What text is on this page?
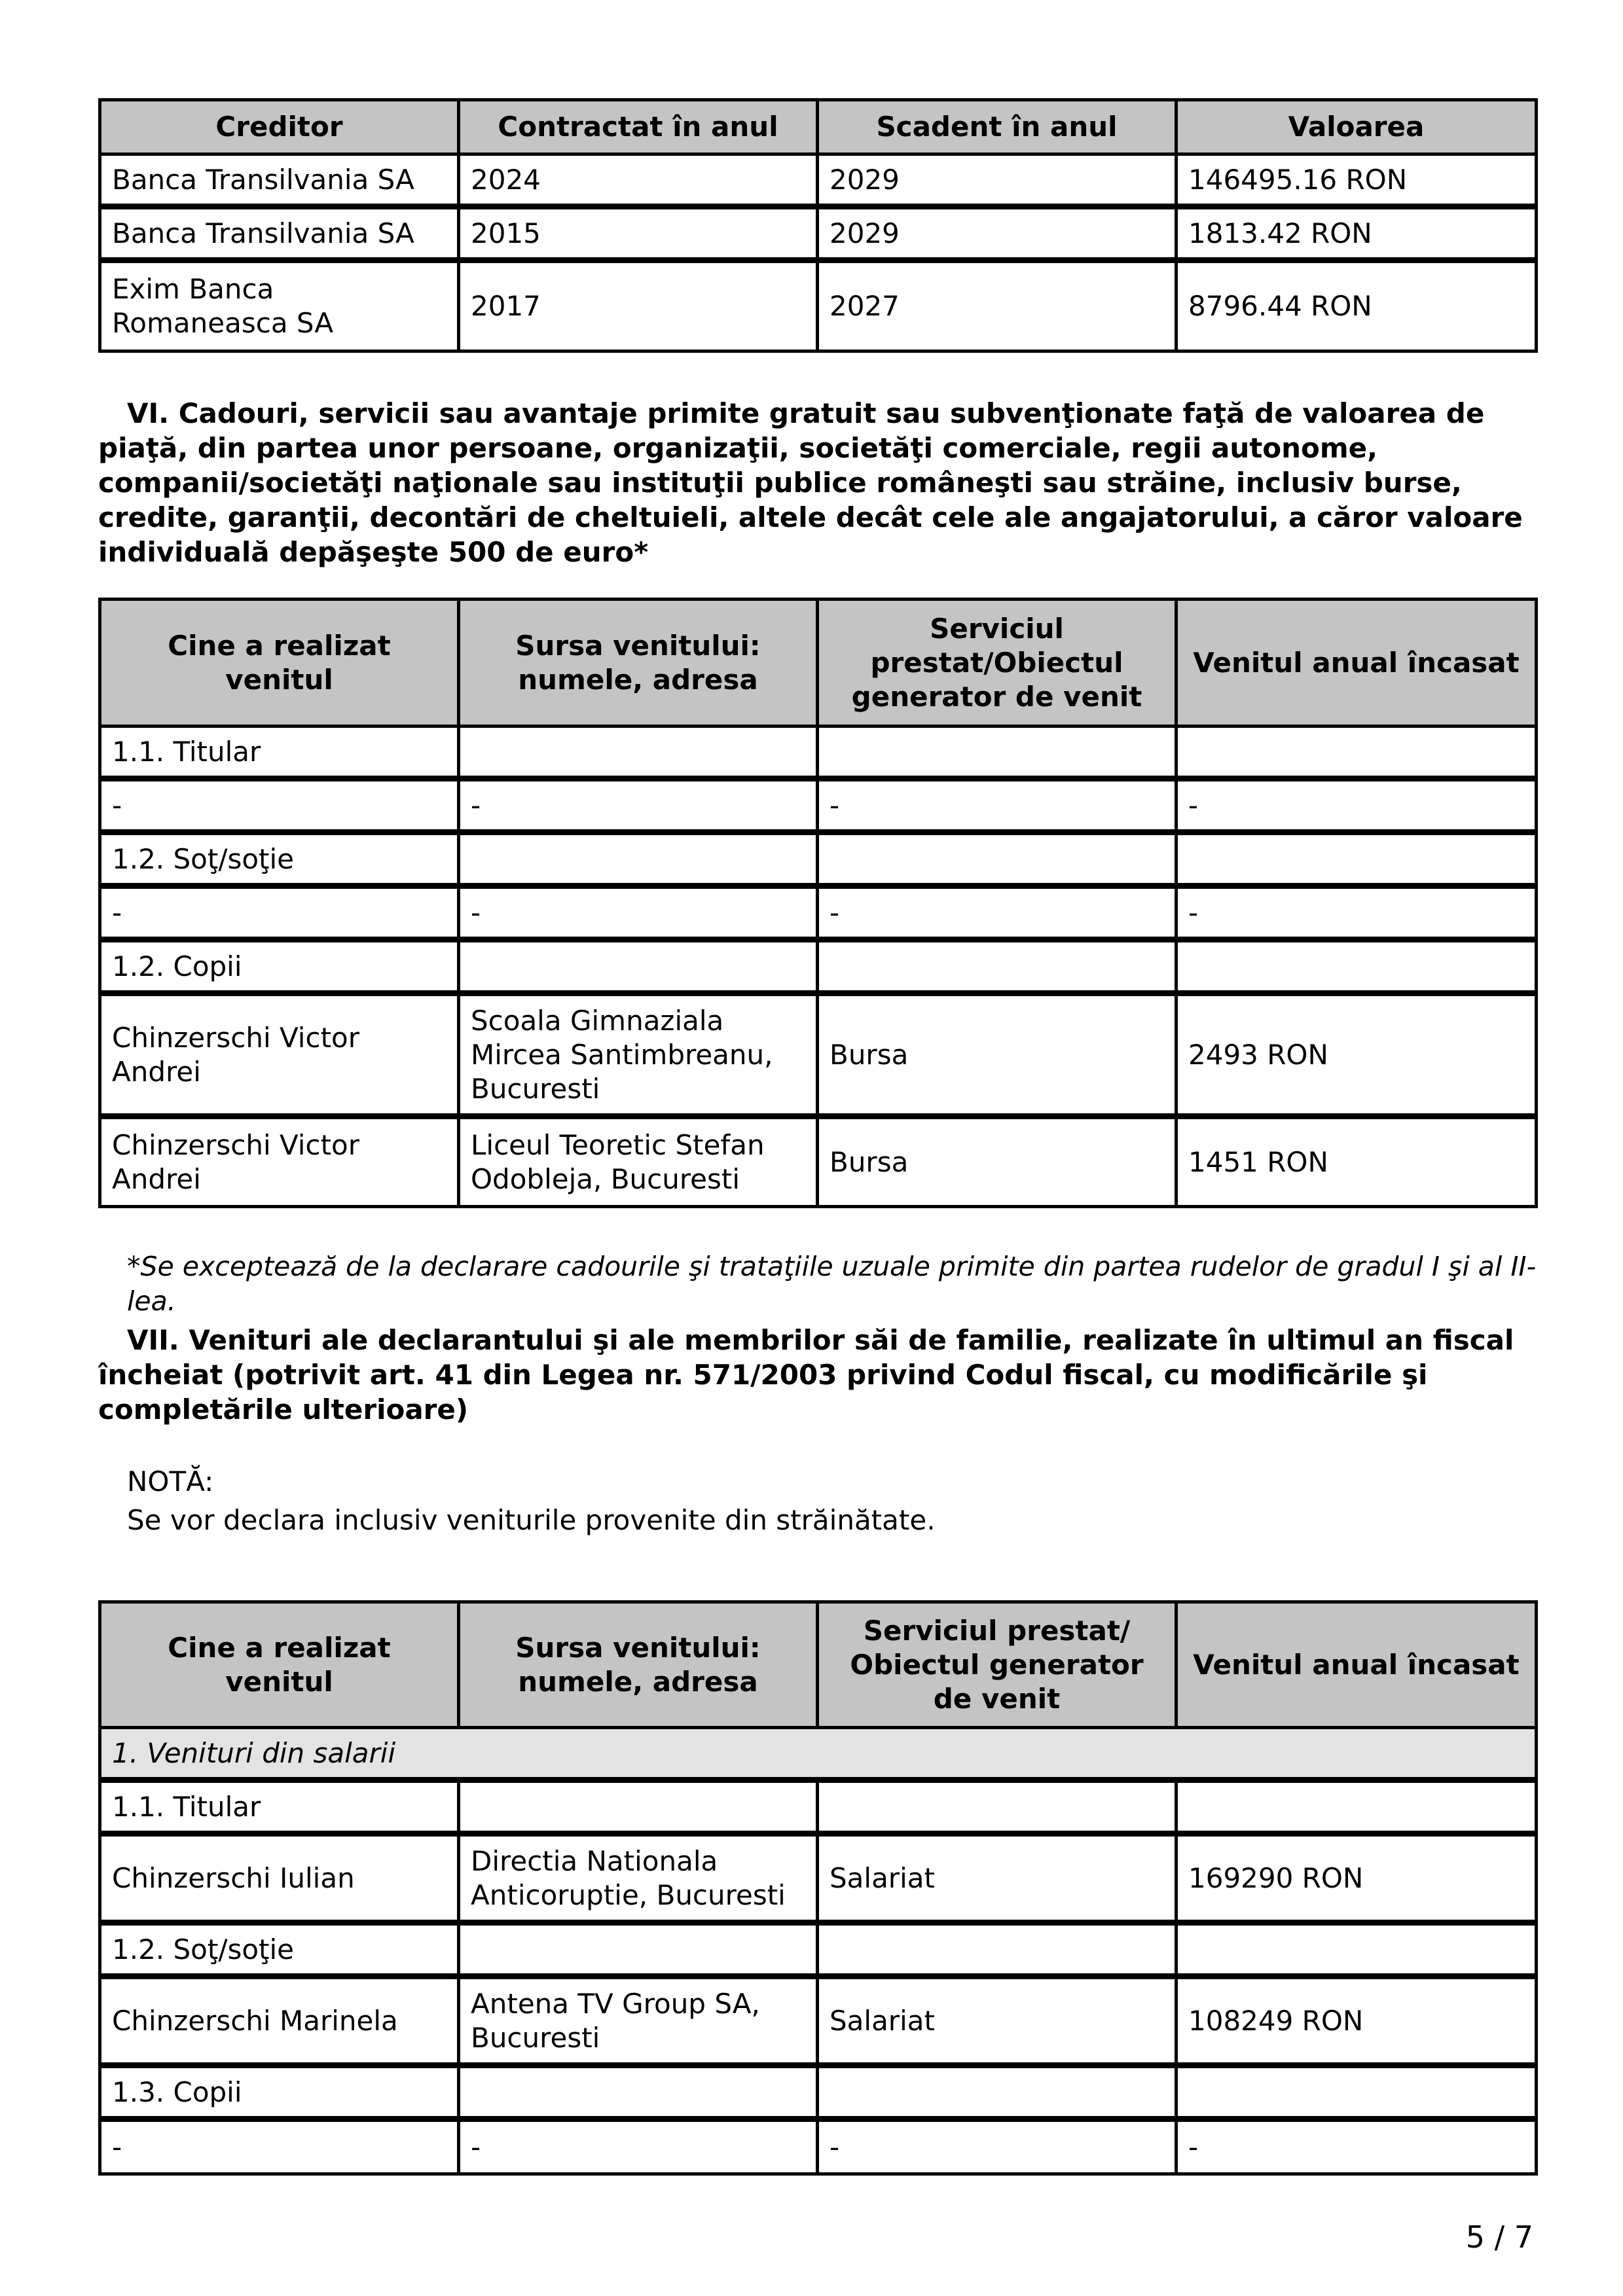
Creditor	Contractat în anul	Scadent în anul	Valoarea
Banca Transilvania SA	2024	2029	146495.16 RON
Banca Transilvania SA	2015	2029	1813.42 RON
Exim Banca Romaneasca SA	2017	2027	8796.44 RON

VI. Cadouri, servicii sau avantaje primite gratuit sau subvenţionate faţă de valoarea de piaţă, din partea unor persoane, organizaţii, societăţi comerciale, regii autonome, companii/societăţi naţionale sau instituţii publice româneşti sau străine, inclusiv burse, credite, garanţii, decontări de cheltuieli, altele decât cele ale angajatorului, a căror valoare individuală depăşeşte 500 de euro*

Cine a realizat venitul	Sursa venitului: numele, adresa	Serviciul prestat/Obiectul generator de venit	Venitul anual încasat
1.1. Titular			
-	-	-	-
1.2. Soţ/soţie			
-	-	-	-
1.2. Copii			
Chinzerschi Victor Andrei	Scoala Gimnaziala Mircea Santimbreanu, Bucuresti	Bursa	2493 RON
Chinzerschi Victor Andrei	Liceul Teoretic Stefan Odobleja, Bucuresti	Bursa	1451 RON

*Se exceptează de la declarare cadourile şi trataţiile uzuale primite din partea rudelor de gradul I şi al II-lea.

VII. Venituri ale declarantului şi ale membrilor săi de familie, realizate în ultimul an fiscal încheiat (potrivit art. 41 din Legea nr. 571/2003 privind Codul fiscal, cu modificările şi completările ulterioare)

NOTĂ:

Se vor declara inclusiv veniturile provenite din străinătate.

Cine a realizat venitul	Sursa venitului: numele, adresa	Serviciul prestat/ Obiectul generator de venit	Venitul anual încasat
1. Venituri din salarii			
1.1. Titular			
Chinzerschi Iulian	Directia Nationala Anticoruptie, Bucuresti	Salariat	169290 RON
1.2. Soţ/soţie			
Chinzerschi Marinela	Antena TV Group SA, Bucuresti	Salariat	108249 RON
1.3. Copii			
-	-	-	-
5 / 7
